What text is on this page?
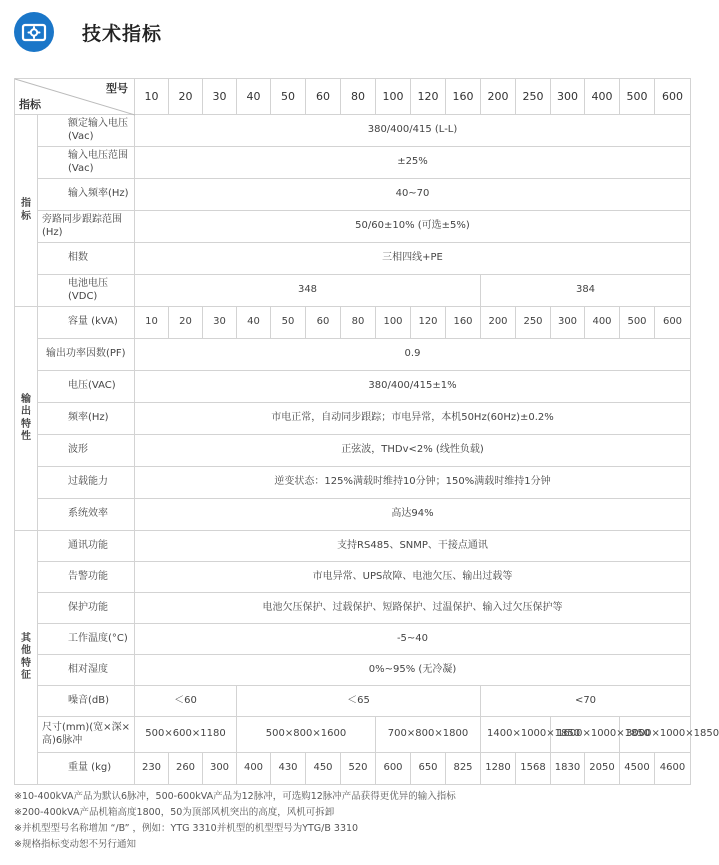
技术指标
型号
指标		10	20	30	40	50	60	80	100	120	160	200	250	300	400	500	600
指标	额定输入电压(Vac)	380/400/415 (L-L)															
	输入电压范围(Vac)	±25%															
	输入频率(Hz)	40~70															
	旁路同步跟踪范围(Hz)	50/60±10% (可选±5%)															
	相数	三相四线+PE															
	电池电压(VDC)	348										384					
输出特性	容量 (kVA)	10	20	30	40	50	60	80	100	120	160	200	250	300	400	500	600
	输出功率因数(PF)	0.9															
	电压(VAC)	380/400/415±1%															
	频率(Hz)	市电正常，自动同步跟踪；市电异常，本机50Hz(60Hz)±0.2%															
	波形	正弦波，THDv<2% (线性负载)															
	过载能力	逆变状态：125%满载时维持10分钟；150%满载时维持1分钟															
	系统效率	高达94%															
其他特征	通讯功能	支持RS485、SNMP、干接点通讯															
	告警功能	市电异常、UPS故障、电池欠压、输出过载等															
	保护功能	电池欠压保护、过载保护、短路保护、过温保护、输入过欠压保护等															
	工作温度(°C)	-5~40															
	相对湿度	0%~95% (无冷凝)															
	噪音(dB)	＜60			＜65							<70					
	尺寸(mm)(宽×深×高)6脉冲	500×600×1180			500×800×1600				700×800×1800			1400×1000×1850		1600×1000×1850		3000×1000×1850	
	重量 (kg)	230	260	300	400	430	450	520	600	650	825	1280	1568	1830	2050	4500	4600
※10-400kVA产品为默认6脉冲，500-600kVA产品为12脉冲，可选购12脉冲产品获得更优异的输入指标
※200-400kVA产品机箱高度1800，50为顶部风机突出的高度，风机可拆卸
※并机型型号名称增加 “/B” ，例如：YTG 3310并机型的机型型号为YTG/B 3310
※规格指标变动恕不另行通知
